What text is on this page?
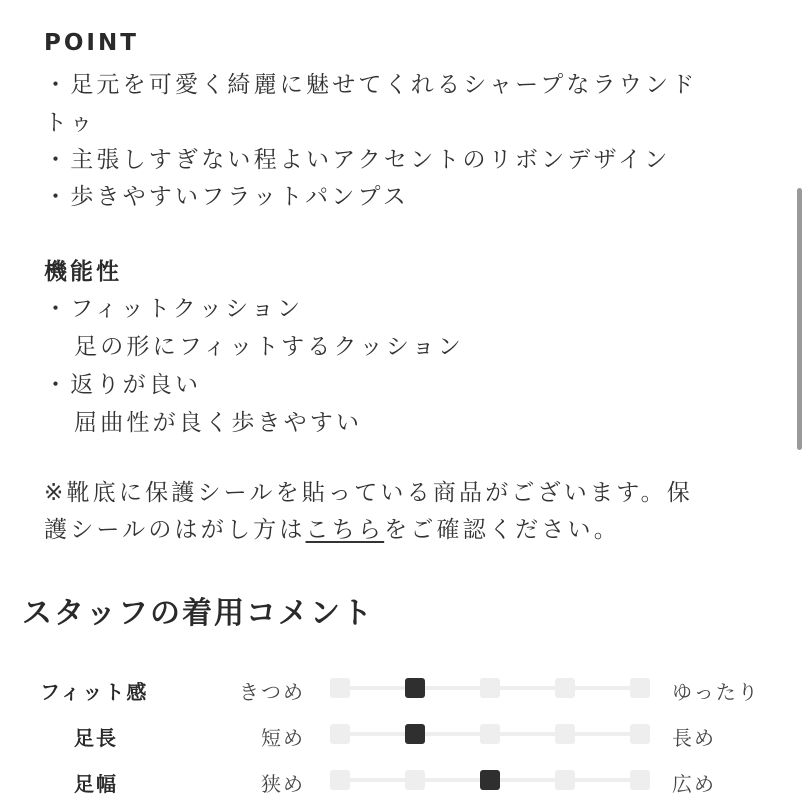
POINT
・足元を可愛く綺麗に魅せてくれるシャープなラウンド
トゥ
・主張しすぎない程よいアクセントのリボンデザイン
・歩きやすいフラットパンプス
機能性
・フィットクッション
足の形にフィットするクッション
・返りが良い
屈曲性が良く歩きやすい
※靴底に保護シールを貼っている商品がございます。保
護シールのはがし方はこちらをご確認ください。
スタッフの着用コメント
フィット感	きつめ	ゆったり
足長	短め	長め
足幅	狭め	広め
